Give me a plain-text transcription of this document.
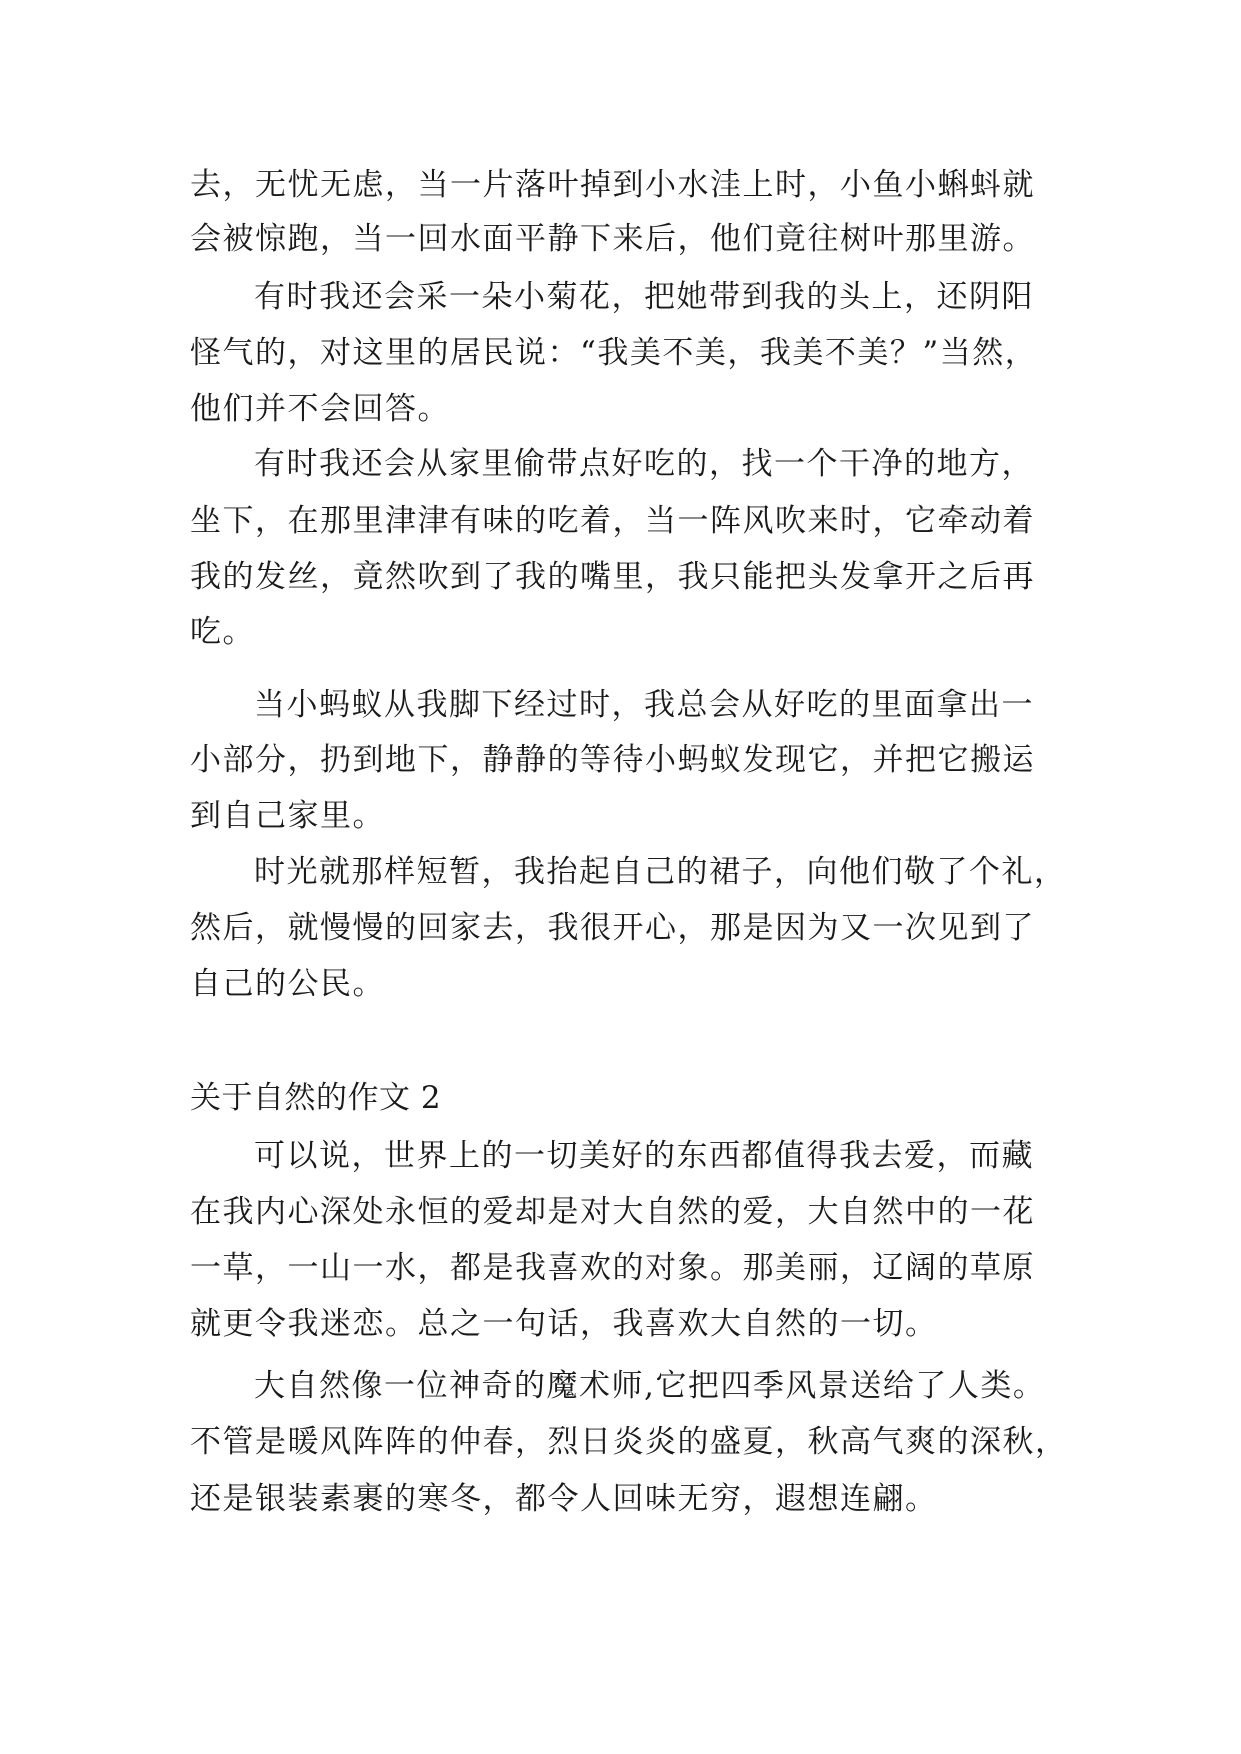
去，无忧无虑，当一片落叶掉到小水洼上时，小鱼小蝌蚪就
会被惊跑，当一回水面平静下来后，他们竟往树叶那里游。
有时我还会采一朵小菊花，把她带到我的头上，还阴阳
怪气的，对这里的居民说：“我美不美，我美不美？”当然，
他们并不会回答。
有时我还会从家里偷带点好吃的，找一个干净的地方，
坐下，在那里津津有味的吃着，当一阵风吹来时，它牵动着
我的发丝，竟然吹到了我的嘴里，我只能把头发拿开之后再
吃。
当小蚂蚁从我脚下经过时，我总会从好吃的里面拿出一
小部分，扔到地下，静静的等待小蚂蚁发现它，并把它搬运
到自己家里。
时光就那样短暂，我抬起自己的裙子，向他们敬了个礼，
然后，就慢慢的回家去，我很开心，那是因为又一次见到了
自己的公民。
关于自然的作文 2
可以说，世界上的一切美好的东西都值得我去爱，而藏
在我内心深处永恒的爱却是对大自然的爱，大自然中的一花
一草，一山一水，都是我喜欢的对象。那美丽，辽阔的草原
就更令我迷恋。总之一句话，我喜欢大自然的一切。
大自然像一位神奇的魔术师,它把四季风景送给了人类。
不管是暖风阵阵的仲春，烈日炎炎的盛夏，秋高气爽的深秋，
还是银装素裹的寒冬，都令人回味无穷，遐想连翩。
